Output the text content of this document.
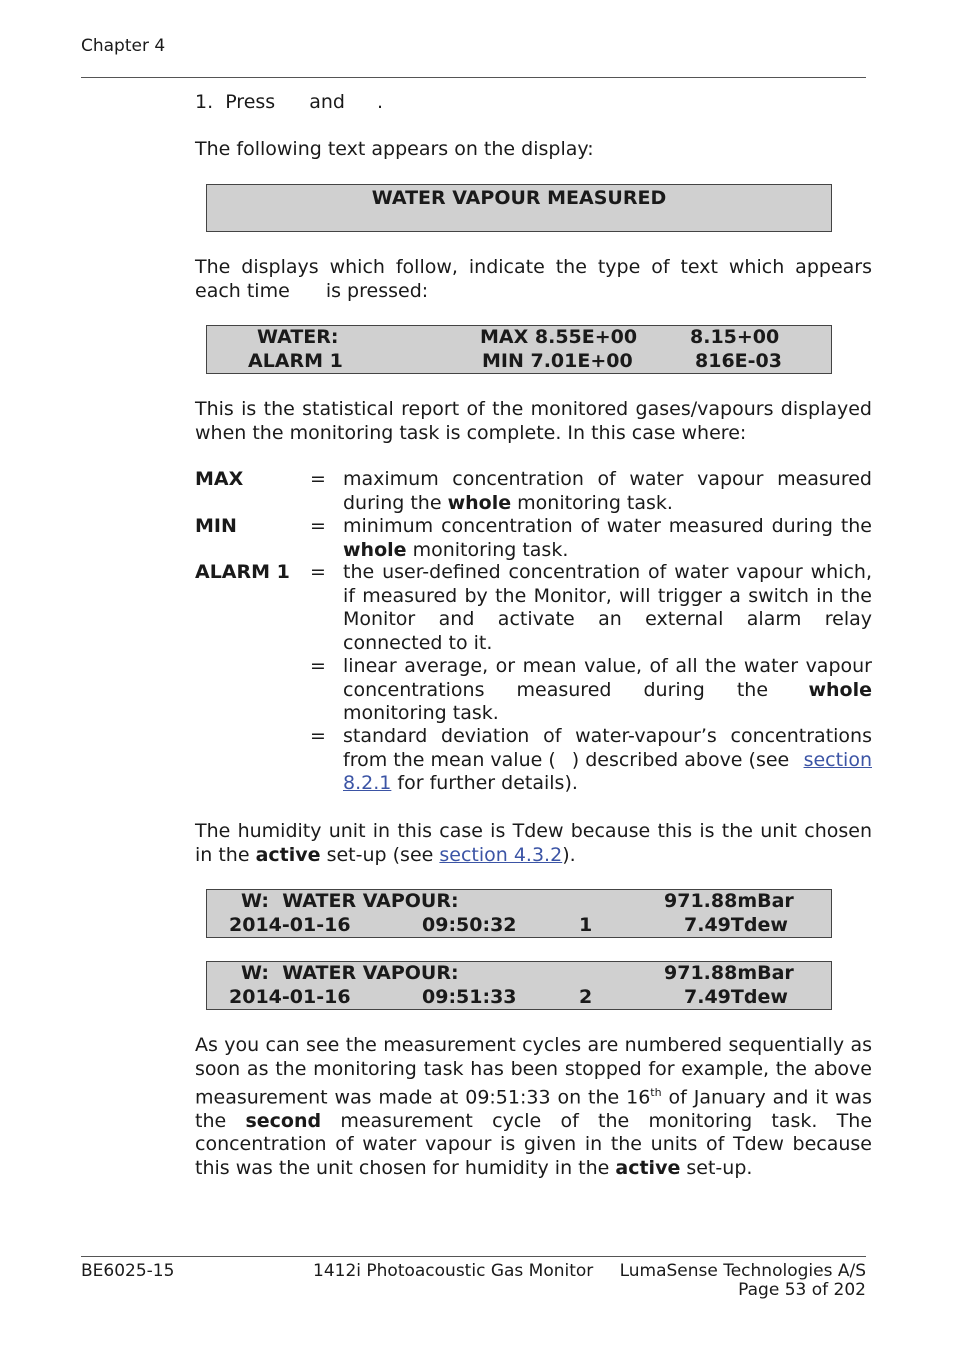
Chapter 4
1. Press and .
The following text appears on the display:
WATER VAPOUR MEASURED
The displays which follow, indicate the type of text which appears
each time is pressed:
WATER:	MAX 8.55E+00	8.15+00
ALARM 1	MIN 7.01E+00	816E-03
This is the statistical report of the monitored gases/vapours displayed when the monitoring task is complete. In this case where:
MAX	= maximum concentration of water vapour measured
during the whole monitoring task.
MIN	= minimum concentration of water measured during the
whole monitoring task.
ALARM 1 = the user-defined concentration of water vapour which, if measured by the Monitor, will trigger a switch in the Monitor and activate an external alarm relay
connected to it.
= linear average, or mean value, of all the water vapour
concentrations measured during the whole
monitoring task.
= standard deviation of water-vapour’s concentrations
from the mean value ( ) described above (see section
8.2.1 for further details).
The humidity unit in this case is Tdew because this is the unit chosen in the active set-up (see section 4.3.2).
W:  WATER VAPOUR:	971.88mBar
2014-01-16	09:50:32	1	7.49Tdew
W:  WATER VAPOUR:	971.88mBar
2014-01-16	09:51:33	2	7.49Tdew
As you can see the measurement cycles are numbered sequentially as soon as the monitoring task has been stopped for example, the above measurement was made at 09:51:33 on the 16th of January and it was the second measurement cycle of the monitoring task. The concentration of water vapour is given in the units of Tdew because this was the unit chosen for humidity in the active set-up.
BE6025-15	1412i Photoacoustic Gas Monitor LumaSense Technologies A/S
Page 53 of 202
